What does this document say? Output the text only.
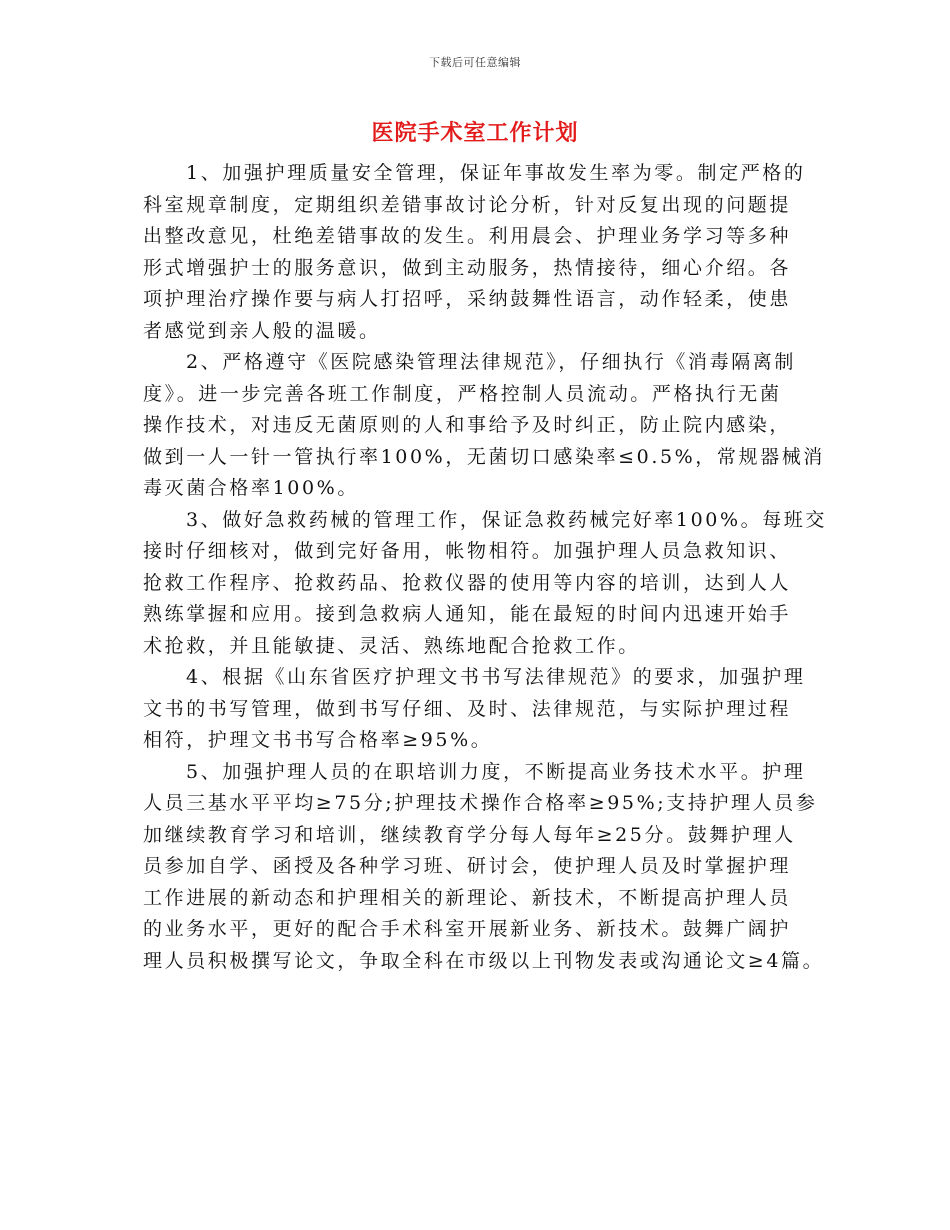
下载后可任意编辑
医院手术室工作计划
1、加强护理质量安全管理，保证年事故发生率为零。制定严格的
科室规章制度，定期组织差错事故讨论分析，针对反复出现的问题提
出整改意见，杜绝差错事故的发生。利用晨会、护理业务学习等多种
形式增强护士的服务意识，做到主动服务，热情接待，细心介绍。各
项护理治疗操作要与病人打招呼，采纳鼓舞性语言，动作轻柔，使患
者感觉到亲人般的温暖。
2、严格遵守《医院感染管理法律规范》，仔细执行《消毒隔离制
度》。进一步完善各班工作制度，严格控制人员流动。严格执行无菌
操作技术，对违反无菌原则的人和事给予及时纠正，防止院内感染，
做到一人一针一管执行率100%，无菌切口感染率≤0.5%，常规器械消
毒灭菌合格率100%。
3、做好急救药械的管理工作，保证急救药械完好率100%。每班交
接时仔细核对，做到完好备用，帐物相符。加强护理人员急救知识、
抢救工作程序、抢救药品、抢救仪器的使用等内容的培训，达到人人
熟练掌握和应用。接到急救病人通知，能在最短的时间内迅速开始手
术抢救，并且能敏捷、灵活、熟练地配合抢救工作。
4、根据《山东省医疗护理文书书写法律规范》的要求，加强护理
文书的书写管理，做到书写仔细、及时、法律规范，与实际护理过程
相符，护理文书书写合格率≥95%。
5、加强护理人员的在职培训力度，不断提高业务技术水平。护理
人员三基水平平均≥75分;护理技术操作合格率≥95%;支持护理人员参
加继续教育学习和培训，继续教育学分每人每年≥25分。鼓舞护理人
员参加自学、函授及各种学习班、研讨会，使护理人员及时掌握护理
工作进展的新动态和护理相关的新理论、新技术，不断提高护理人员
的业务水平，更好的配合手术科室开展新业务、新技术。鼓舞广阔护
理人员积极撰写论文，争取全科在市级以上刊物发表或沟通论文≥4篇。
